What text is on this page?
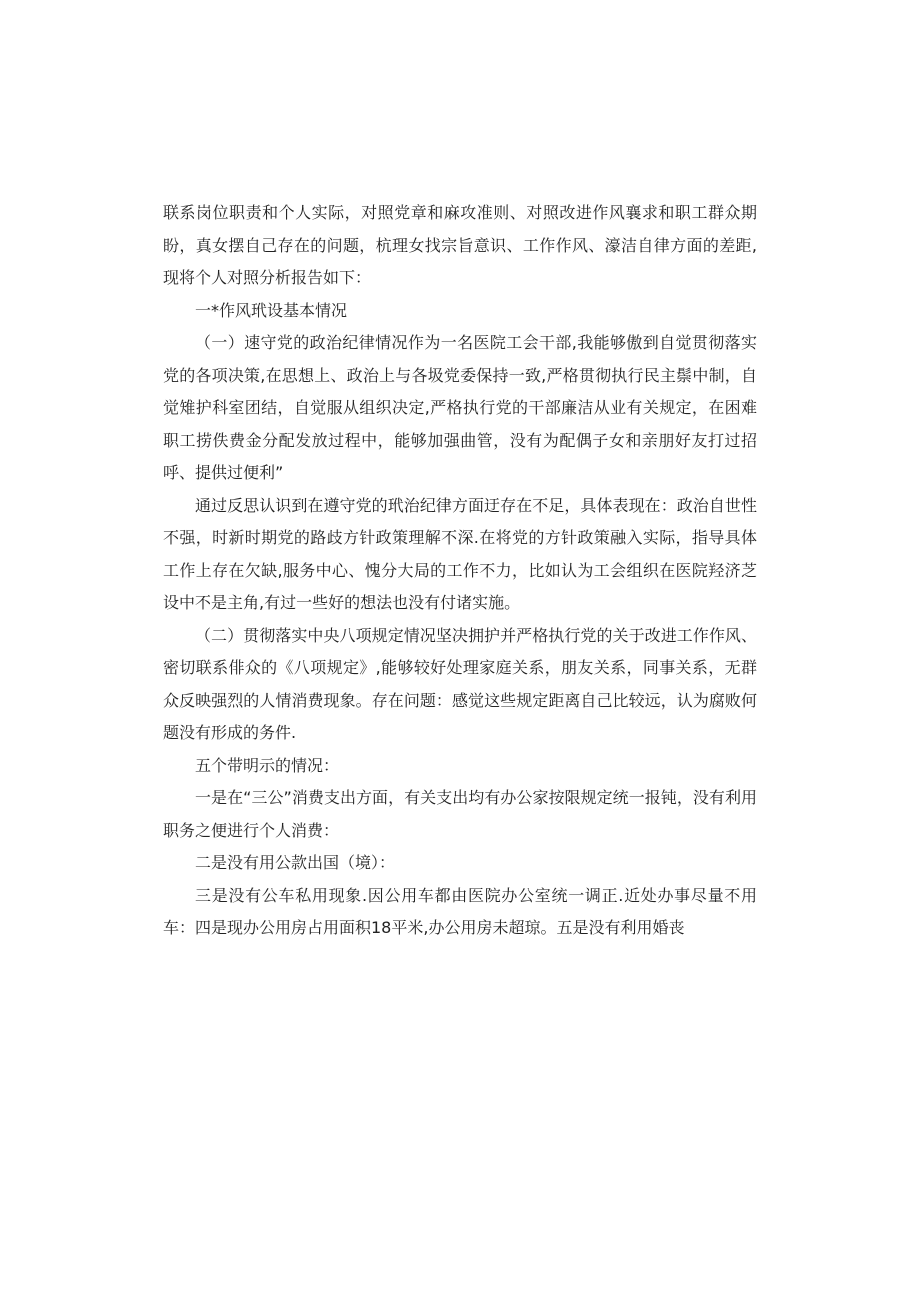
联系岗位职责和个人实际，对照党章和麻攻准则、对照改进作风襄求和职工群众期盼，真女摆自己存在的问题，杭理女找宗旨意识、工作作风、濠洁自律方面的差距,现将个人对照分析报告如下：

一*作风玳设基本情况

（一）速守党的政治纪律情况作为一名医院工会干部,我能够傲到自觉贯彻落实党的各项决策,在思想上、政治上与各圾党委保持一致,严格贯彻执行民主鬃中制，自觉雉护科室团结，自觉服从组织决定,严格执行党的干部廉洁从业有关规定，在困难职工捞佚费金分配发放过程中，能够加强曲管，没有为配偶子女和亲朋好友打过招呼、提供过便利”

通过反思认识到在遵守党的玳治纪律方面迂存在不足，具体表现在：政治自世性不强，时新时期党的路歧方针政策理解不深.在将党的方针政策融入实际，指导具体工作上存在欠缺,服务中心、愧分大局的工作不力，比如认为工会组织在医院羟济芝设中不是主角,有过一些好的想法也没有付诸实施。

（二）贯彻落实中央八项规定情况坚决拥护并严格执行党的关于改进工作作风、密切联系俳众的《八项规定》,能够较好处理家庭关系，朋友关系，同事关系，无群众反映强烈的人情消费现象。存在问题：感觉这些规定距离自己比较远，认为腐败何题没有形成的务件.

五个带明示的情况：

一是在“三公”消费支出方面，有关支出均有办公家按限规定统一报钝，没有利用职务之便进行个人消费：

二是没有用公款出国（境）：

三是没有公车私用现象.因公用车都由医院办公室统一调正.近处办事尽量不用车：四是现办公用房占用面积18平米,办公用房未超琼。五是没有利用婚丧
